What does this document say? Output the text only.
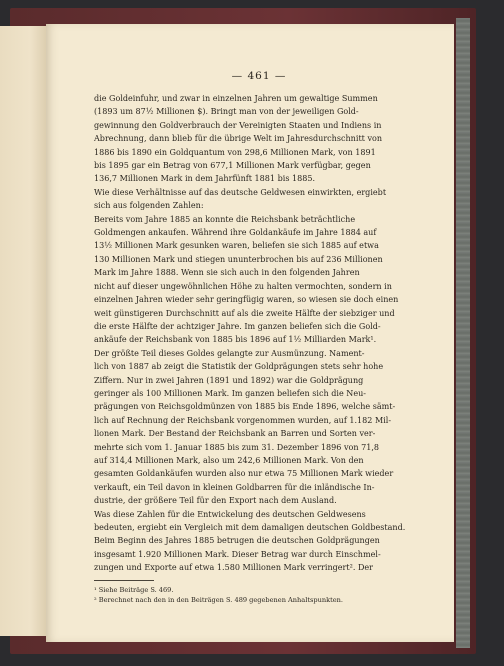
— 461 —

die Goldeinfuhr, und zwar in einzelnen Jahren um gewaltige Summen
(1893 um 87½ Millionen $). Bringt man von der jeweiligen Gold-
gewinnung den Goldverbrauch der Vereinigten Staaten und Indiens in
Abrechnung, dann blieb für die übrige Welt im Jahresdurchschnitt von
1886 bis 1890 ein Goldquantum von 298,6 Millionen Mark, von 1891
bis 1895 gar ein Betrag von 677,1 Millionen Mark verfügbar, gegen
136,7 Millionen Mark in dem Jahrfünft 1881 bis 1885.

Wie diese Verhältnisse auf das deutsche Geldwesen einwirkten, ergiebt
sich aus folgenden Zahlen:

Bereits vom Jahre 1885 an konnte die Reichsbank beträchtliche
Goldmengen ankaufen. Während ihre Goldankäufe im Jahre 1884 auf
13½ Millionen Mark gesunken waren, beliefen sie sich 1885 auf etwa
130 Millionen Mark und stiegen ununterbrochen bis auf 236 Millionen
Mark im Jahre 1888. Wenn sie sich auch in den folgenden Jahren
nicht auf dieser ungewöhnlichen Höhe zu halten vermochten, sondern in
einzelnen Jahren wieder sehr geringfügig waren, so wiesen sie doch einen
weit günstigeren Durchschnitt auf als die zweite Hälfte der siebziger und
die erste Hälfte der achtziger Jahre. Im ganzen beliefen sich die Gold-
ankäufe der Reichsbank von 1885 bis 1896 auf 1½ Milliarden Mark¹.

Der größte Teil dieses Goldes gelangte zur Ausmünzung. Nament-
lich von 1887 ab zeigt die Statistik der Goldprägungen stets sehr hohe
Ziffern. Nur in zwei Jahren (1891 und 1892) war die Goldprägung
geringer als 100 Millionen Mark. Im ganzen beliefen sich die Neu-
prägungen von Reichsgoldmünzen von 1885 bis Ende 1896, welche sämt-
lich auf Rechnung der Reichsbank vorgenommen wurden, auf 1.182 Mil-
lionen Mark. Der Bestand der Reichsbank an Barren und Sorten ver-
mehrte sich vom 1. Januar 1885 bis zum 31. Dezember 1896 von 71,8
auf 314,4 Millionen Mark, also um 242,6 Millionen Mark. Von den
gesamten Goldankäufen wurden also nur etwa 75 Millionen Mark wieder
verkauft, ein Teil davon in kleinen Goldbarren für die inländische In-
dustrie, der größere Teil für den Export nach dem Ausland.

Was diese Zahlen für die Entwickelung des deutschen Geldwesens
bedeuten, ergiebt ein Vergleich mit dem damaligen deutschen Goldbestand.

Beim Beginn des Jahres 1885 betrugen die deutschen Goldprägungen
insgesamt 1.920 Millionen Mark. Dieser Betrag war durch Einschmel-
zungen und Exporte auf etwa 1.580 Millionen Mark verringert². Der

¹ Siehe Beiträge S. 469.

² Berechnet nach den in den Beiträgen S. 489 gegebenen Anhaltspunkten.
